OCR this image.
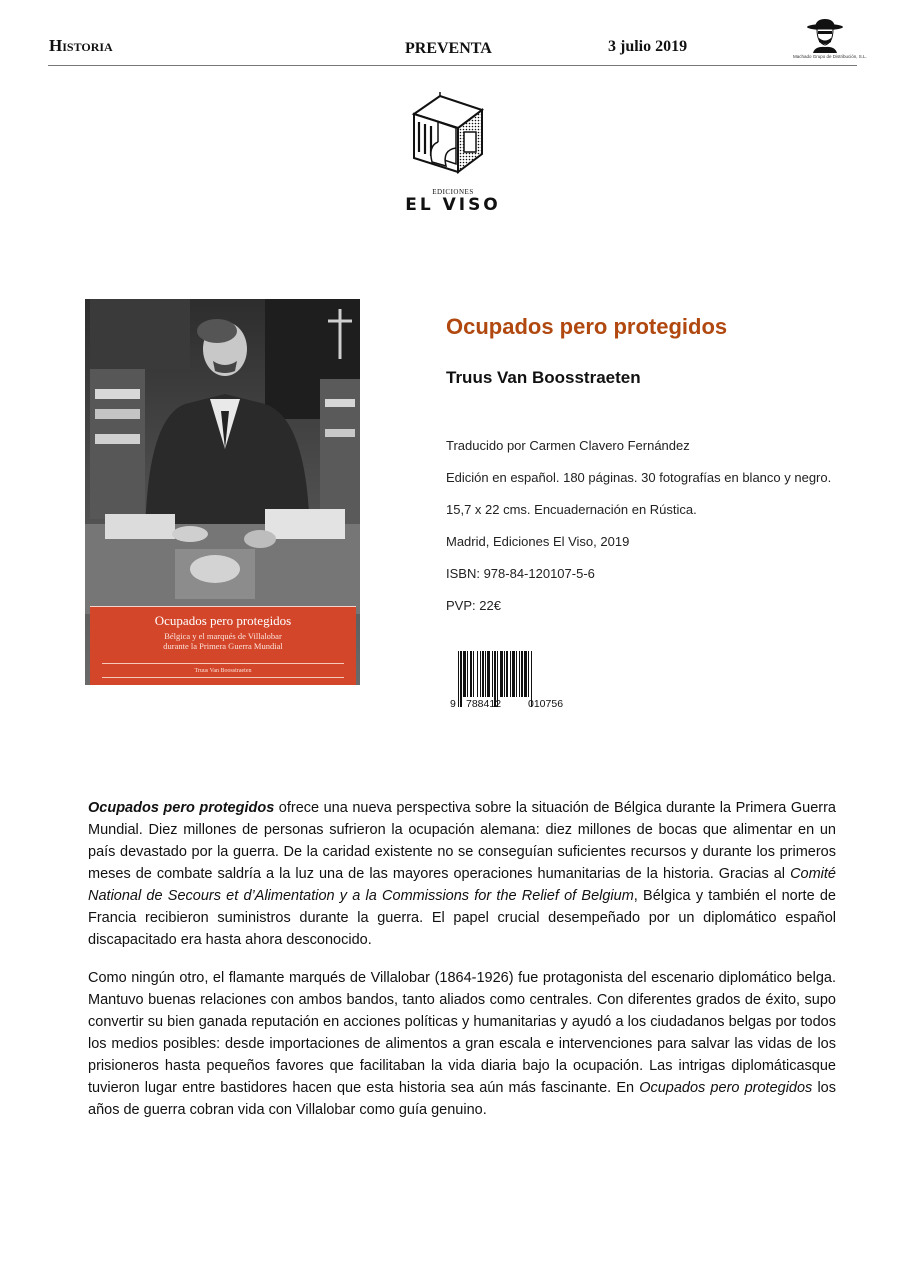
Historia	PREVENTA	3 julio 2019
Machado Grupo de Distribución, S.L.
EDICIONES
EL VISO
Ocupados pero protegidos
Bélgica y el marqués de Villalobar
durante la Primera Guerra Mundial
Truus Van Boosstraeten
Ocupados pero protegidos
Truus Van Boosstraeten
Traducido por Carmen Clavero Fernández
Edición en español. 180 páginas. 30 fotografías en blanco y negro.
15,7 x 22 cms. Encuadernación en Rústica.
Madrid, Ediciones El Viso, 2019
ISBN: 978-84-120107-5-6
PVP: 22€
9 788412	010756

Ocupados pero protegidos ofrece una nueva perspectiva sobre la situación de Bélgica durante la Primera Guerra Mundial. Diez millones de personas sufrieron la ocupación alemana: diez millones de bocas que alimentar en un país devastado por la guerra. De la caridad existente no se conseguían suficientes recursos y durante los primeros meses de combate saldría a la luz una de las mayores operaciones humanitarias de la historia. Gracias al Comité National de Secours et d’Alimentation y a la Commissions for the Relief of Belgium, Bélgica y también el norte de Francia recibieron suministros durante la guerra. El papel crucial desempeñado por un diplomático español discapacitado era hasta ahora desconocido.

Como ningún otro, el flamante marqués de Villalobar (1864-1926) fue protagonista del escenario diplomático belga. Mantuvo buenas relaciones con ambos bandos, tanto aliados como centrales. Con diferentes grados de éxito, supo convertir su bien ganada reputación en acciones políticas y humanitarias y ayudó a los ciudadanos belgas por todos los medios posibles: desde importaciones de alimentos a gran escala e intervenciones para salvar las vidas de los prisioneros hasta pequeños favores que facilitaban la vida diaria bajo la ocupación. Las intrigas diplomáticasque tuvieron lugar entre bastidores hacen que esta historia sea aún más fascinante. En Ocupados pero protegidos los años de guerra cobran vida con Villalobar como guía genuino.
